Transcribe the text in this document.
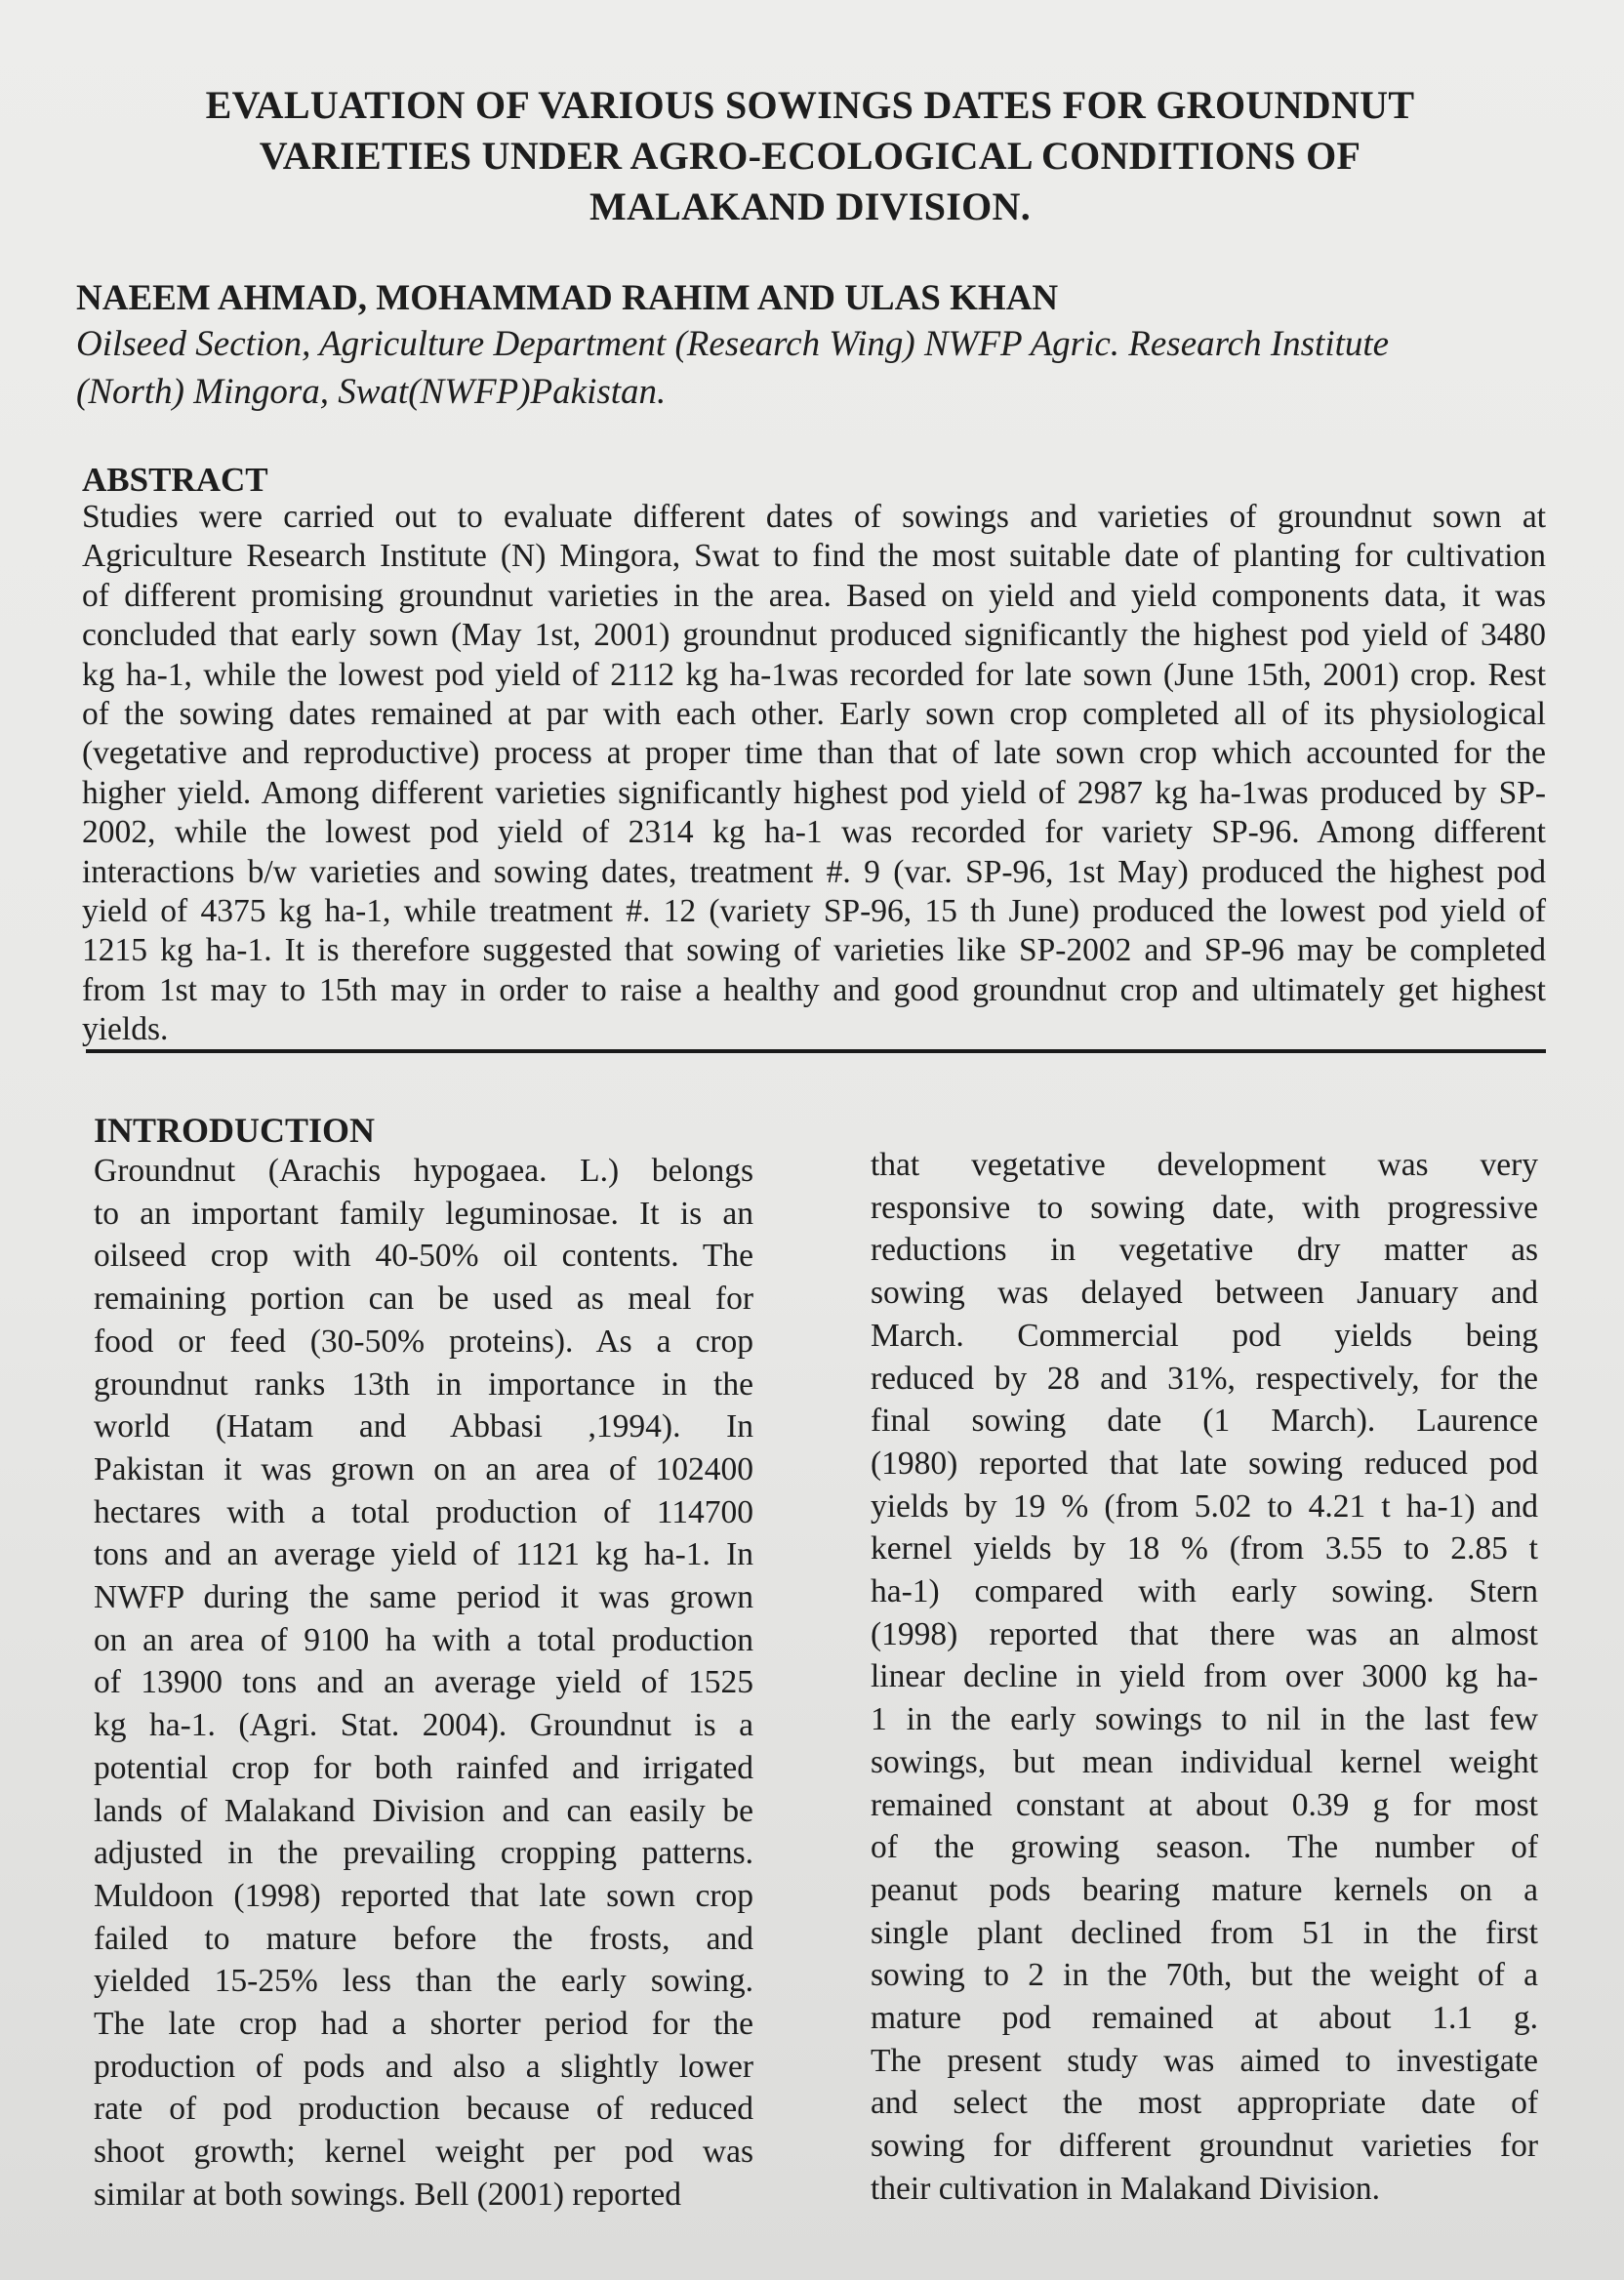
EVALUATION OF VARIOUS SOWINGS DATES FOR GROUNDNUT
VARIETIES UNDER AGRO-ECOLOGICAL CONDITIONS OF
MALAKAND DIVISION.
NAEEM AHMAD, MOHAMMAD RAHIM AND ULAS KHAN
Oilseed Section, Agriculture Department (Research Wing) NWFP Agric. Research Institute
(North) Mingora, Swat(NWFP)Pakistan.
ABSTRACT
Studies were carried out to evaluate different dates of sowings and varieties of groundnut sown at
Agriculture Research Institute (N) Mingora, Swat to find the most suitable date of planting for cultivation
of different promising groundnut varieties in the area. Based on yield and yield components data, it was
concluded that early sown (May 1st, 2001) groundnut produced significantly the highest pod yield of 3480
kg ha-1, while the lowest pod yield of 2112 kg ha-1was recorded for late sown (June 15th, 2001) crop. Rest
of the sowing dates remained at par with each other. Early sown crop completed all of its physiological
(vegetative and reproductive) process at proper time than that of late sown crop which accounted for the
higher yield. Among different varieties significantly highest pod yield of 2987 kg ha-1was produced by SP-
2002, while the lowest pod yield of 2314 kg ha-1 was recorded for variety SP-96. Among different
interactions b/w varieties and sowing dates, treatment #. 9 (var. SP-96, 1st May) produced the highest pod
yield of 4375 kg ha-1, while treatment #. 12 (variety SP-96, 15 th June) produced the lowest pod yield of
1215 kg ha-1. It is therefore suggested that sowing of varieties like SP-2002 and SP-96 may be completed
from 1st may to 15th may in order to raise a healthy and good groundnut crop and ultimately get highest
yields.
INTRODUCTION
Groundnut (Arachis hypogaea. L.) belongs
to an important family leguminosae. It is an
oilseed crop with 40-50% oil contents. The
remaining portion can be used as meal for
food or feed (30-50% proteins). As a crop
groundnut ranks 13th in importance in the
world (Hatam and Abbasi ,1994). In
Pakistan it was grown on an area of 102400
hectares with a total production of 114700
tons and an average yield of 1121 kg ha-1. In
NWFP during the same period it was grown
on an area of 9100 ha with a total production
of 13900 tons and an average yield of 1525
kg ha-1. (Agri. Stat. 2004). Groundnut is a
potential crop for both rainfed and irrigated
lands of Malakand Division and can easily be
adjusted in the prevailing cropping patterns.
Muldoon (1998) reported that late sown crop
failed to mature before the frosts, and
yielded 15-25% less than the early sowing.
The late crop had a shorter period for the
production of pods and also a slightly lower
rate of pod production because of reduced
shoot growth; kernel weight per pod was
similar at both sowings. Bell (2001) reported
that vegetative development was very
responsive to sowing date, with progressive
reductions in vegetative dry matter as
sowing was delayed between January and
March. Commercial pod yields being
reduced by 28 and 31%, respectively, for the
final sowing date (1 March). Laurence
(1980) reported that late sowing reduced pod
yields by 19 % (from 5.02 to 4.21 t ha-1) and
kernel yields by 18 % (from 3.55 to 2.85 t
ha-1) compared with early sowing. Stern
(1998) reported that there was an almost
linear decline in yield from over 3000 kg ha-
1 in the early sowings to nil in the last few
sowings, but mean individual kernel weight
remained constant at about 0.39 g for most
of the growing season. The number of
peanut pods bearing mature kernels on a
single plant declined from 51 in the first
sowing to 2 in the 70th, but the weight of a
mature pod remained at about 1.1 g.
The present study was aimed to investigate
and select the most appropriate date of
sowing for different groundnut varieties for
their cultivation in Malakand Division.
